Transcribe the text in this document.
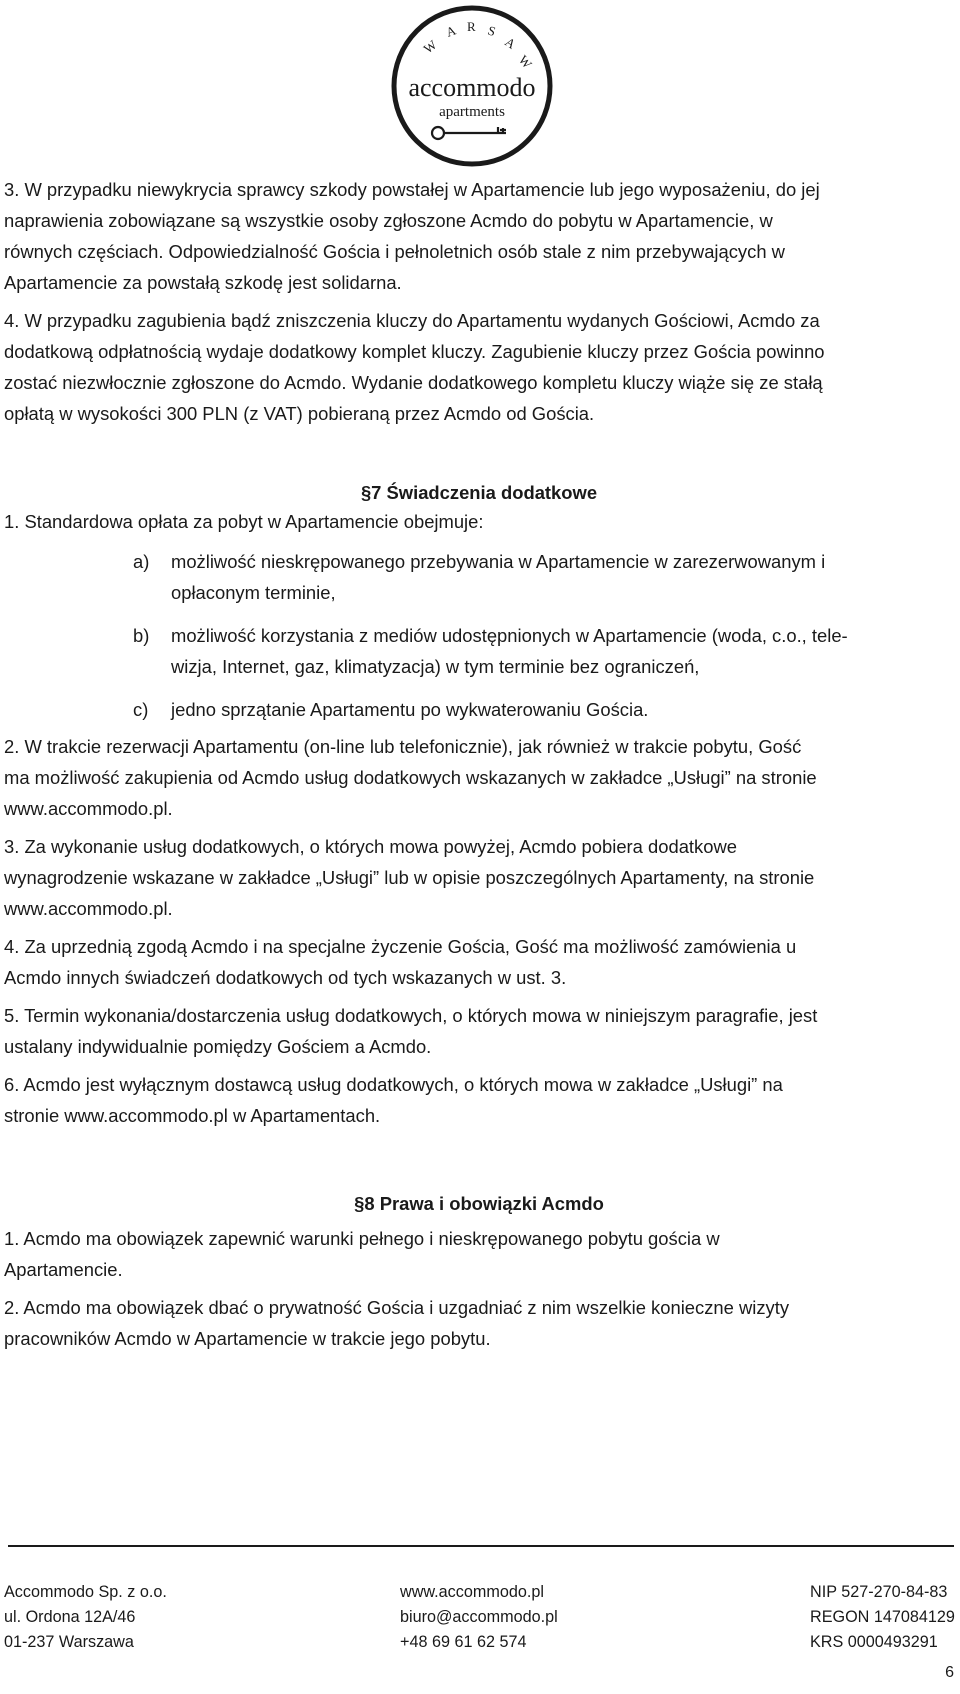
W
A R S
A
W
accommodo
apartments

3. W przypadku niewykrycia sprawcy szkody powstałej w Apartamencie lub jego wyposażeniu, do jej

naprawienia zobowiązane są wszystkie osoby zgłoszone Acmdo do pobytu w Apartamencie, w

równych częściach. Odpowiedzialność Gościa i pełnoletnich osób stale z nim przebywających w

Apartamencie za powstałą szkodę jest solidarna.

4. W przypadku zagubienia bądź zniszczenia kluczy do Apartamentu wydanych Gościowi, Acmdo za

dodatkową odpłatnością wydaje dodatkowy komplet kluczy. Zagubienie kluczy przez Gościa powinno

zostać niezwłocznie zgłoszone do Acmdo. Wydanie dodatkowego kompletu kluczy wiąże się ze stałą

opłatą w wysokości 300 PLN (z VAT) pobieraną przez Acmdo od Gościa.

§7 Świadczenia dodatkowe

1. Standardowa opłata za pobyt w Apartamencie obejmuje:

a)	możliwość nieskrępowanego przebywania w Apartamencie w zarezerwowanym i
opłaconym terminie,
b)	możliwość korzystania z mediów udostępnionych w Apartamencie (woda, c.o., tele-
wizja, Internet, gaz, klimatyzacja) w tym terminie bez ograniczeń,
c)	jedno sprzątanie Apartamentu po wykwaterowaniu Gościa.

2. W trakcie rezerwacji Apartamentu (on-line lub telefonicznie), jak również w trakcie pobytu, Gość

ma możliwość zakupienia od Acmdo usług dodatkowych wskazanych w zakładce „Usługi” na stronie

www.accommodo.pl.

3. Za wykonanie usług dodatkowych, o których mowa powyżej, Acmdo pobiera dodatkowe

wynagrodzenie wskazane w zakładce „Usługi” lub w opisie poszczególnych Apartamenty, na stronie

www.accommodo.pl.

4. Za uprzednią zgodą Acmdo i na specjalne życzenie Gościa, Gość ma możliwość zamówienia u

Acmdo innych świadczeń dodatkowych od tych wskazanych w ust. 3.

5. Termin wykonania/dostarczenia usług dodatkowych, o których mowa w niniejszym paragrafie, jest

ustalany indywidualnie pomiędzy Gościem a Acmdo.

6. Acmdo jest wyłącznym dostawcą usług dodatkowych, o których mowa w zakładce „Usługi” na

stronie www.accommodo.pl w Apartamentach.

§8 Prawa i obowiązki Acmdo

1. Acmdo ma obowiązek zapewnić warunki pełnego i nieskrępowanego pobytu gościa w

Apartamencie.

2. Acmdo ma obowiązek dbać o prywatność Gościa i uzgadniać z nim wszelkie konieczne wizyty

pracowników Acmdo w Apartamencie w trakcie jego pobytu.

Accommodo Sp. z o.o.
ul. Ordona 12A/46
01-237 Warszawa
www.accommodo.pl
biuro@accommodo.pl
+48 69 61 62 574
NIP 527-270-84-83
REGON 147084129
KRS 0000493291
6
